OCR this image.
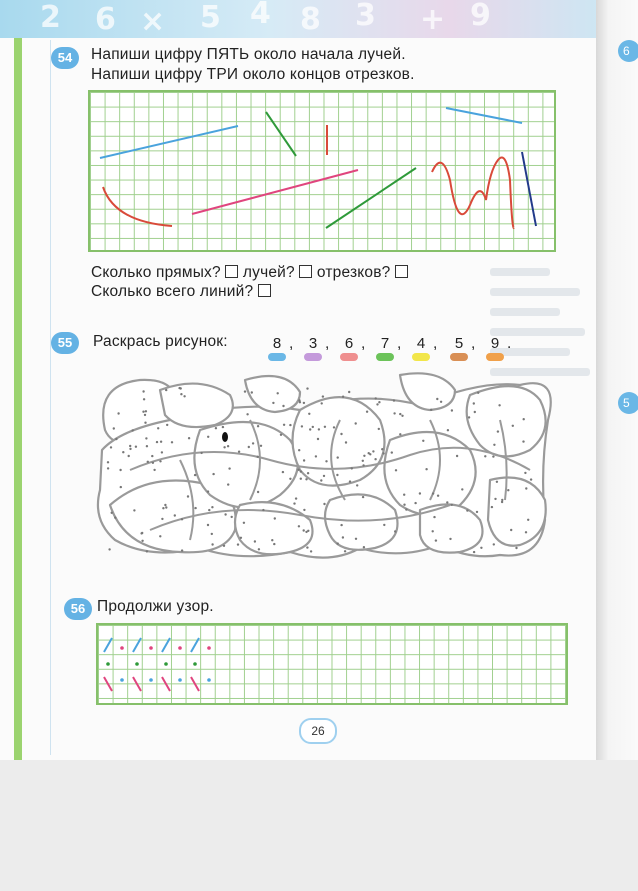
2 6 × 5 4 8 3 + 9
6
5
54	Напиши цифру ПЯТЬ около начала лучей.
Напиши цифру ТРИ около концов отрезков.
Сколько прямых? лучей? отрезков?
Сколько всего линий?
55	Раскрась рисунок:	8 ,	3 ,	6 ,	7 ,	4 ,	5 ,	9 .
56 Продолжи узор.
26
